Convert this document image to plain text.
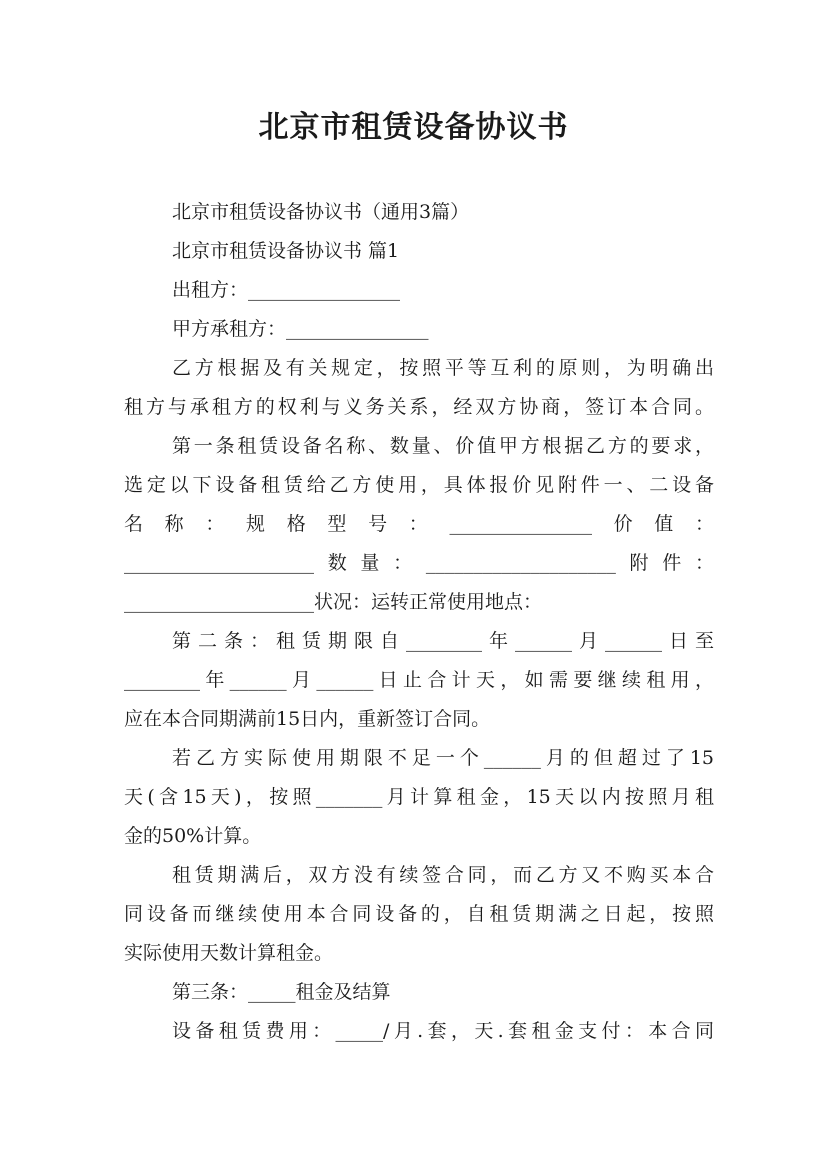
北京市租赁设备协议书
北京市租赁设备协议书（通用3篇）
北京市租赁设备协议书 篇1
出租方：________________
甲方承租方：_______________
乙方根据及有关规定，按照平等互利的原则，为明确出
租方与承租方的权利与义务关系，经双方协商，签订本合同。
第一条租赁设备名称、数量、价值甲方根据乙方的要求，
选定以下设备租赁给乙方使用，具体报价见附件一、二设备
名称：规格型号：_______________价值：
____________________数量：____________________附件：
____________________状况：运转正常使用地点：
第二条：租赁期限自________年______月______日至
________年______月______日止合计天，如需要继续租用，
应在本合同期满前15日内，重新签订合同。
若乙方实际使用期限不足一个______月的但超过了15
天(含15天)，按照_______月计算租金，15天以内按照月租
金的50%计算。
租赁期满后，双方没有续签合同，而乙方又不购买本合
同设备而继续使用本合同设备的，自租赁期满之日起，按照
实际使用天数计算租金。
第三条：_____租金及结算
设备租赁费用：_____/月.套，天.套租金支付：本合同
